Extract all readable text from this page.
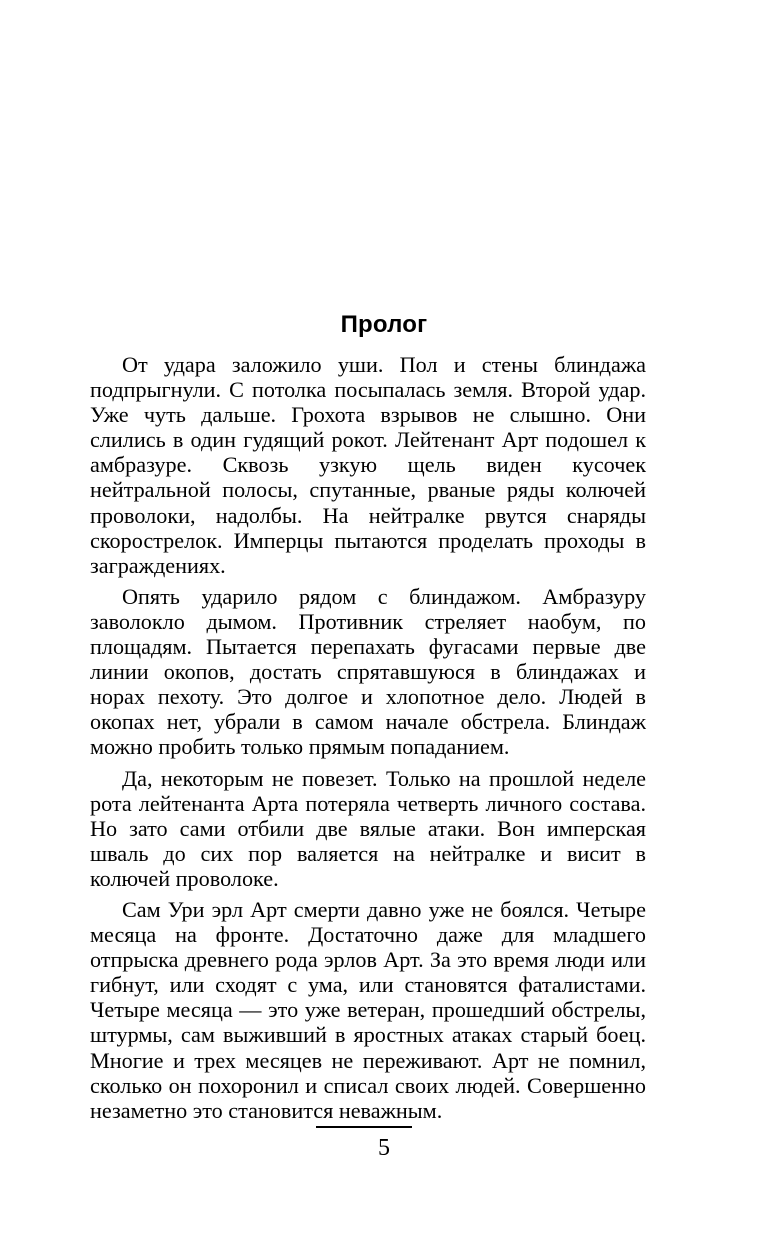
Пролог

От удара заложило уши. Пол и стены блиндажа подпрыгнули. С потолка посыпалась земля. Второй удар. Уже чуть дальше. Грохота взрывов не слышно. Они слились в один гудящий рокот. Лейтенант Арт подошел к амбразуре. Сквозь узкую щель виден кусочек нейтральной полосы, спутанные, рваные ряды колючей проволоки, надолбы. На нейтралке рвутся снаряды скорострелок. Имперцы пытаются проделать проходы в заграждениях.

Опять ударило рядом с блиндажом. Амбразуру заволокло дымом. Противник стреляет наобум, по площадям. Пытается перепахать фугасами первые две линии окопов, достать спрятавшуюся в блиндажах и норах пехоту. Это долгое и хлопотное дело. Людей в окопах нет, убрали в самом начале обстрела. Блиндаж можно пробить только прямым попаданием.

Да, некоторым не повезет. Только на прошлой неделе рота лейтенанта Арта потеряла четверть личного состава. Но зато сами отбили две вялые атаки. Вон имперская шваль до сих пор валяется на нейтралке и висит в колючей проволоке.

Сам Ури эрл Арт смерти давно уже не боялся. Четыре месяца на фронте. Достаточно даже для младшего отпрыска древнего рода эрлов Арт. За это время люди или гибнут, или сходят с ума, или становятся фаталистами. Четыре месяца — это уже ветеран, прошедший обстрелы, штурмы, сам выживший в яростных атаках старый боец. Многие и трех месяцев не переживают. Арт не помнил, сколько он похоронил и списал своих людей. Совершенно незаметно это становится неважным.

5
